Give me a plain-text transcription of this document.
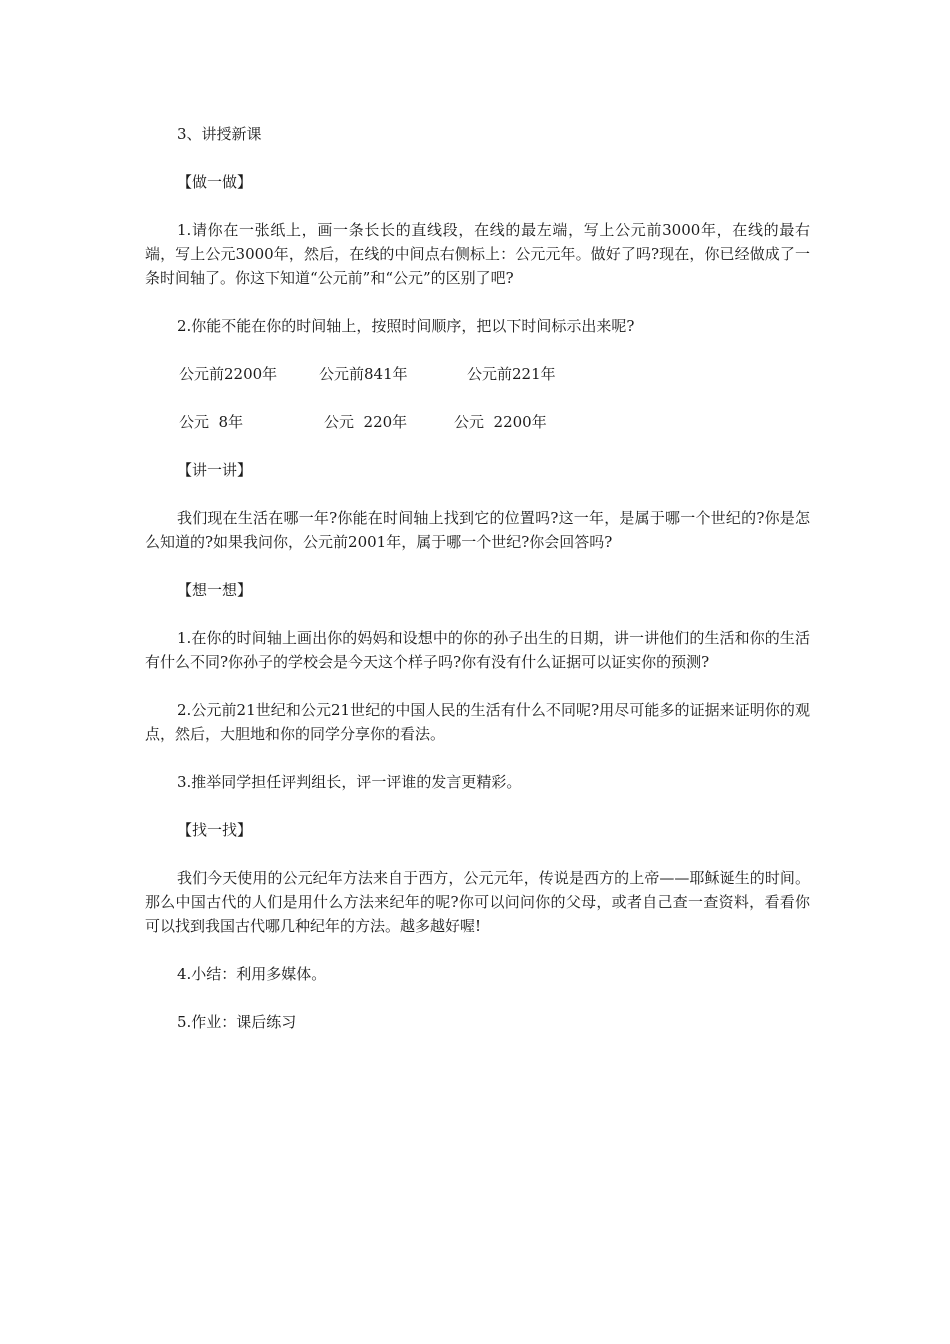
3、讲授新课

【做一做】

1.请你在一张纸上，画一条长长的直线段，在线的最左端，写上公元前3000年，在线的最右端，写上公元3000年，然后，在线的中间点右侧标上：公元元年。做好了吗?现在，你已经做成了一条时间轴了。你这下知道“公元前”和“公元”的区别了吧?

2.你能不能在你的时间轴上，按照时间顺序，把以下时间标示出来呢?

公元前2200年	公元前841年	公元前221年
公元  8年	公元  220年	公元  2200年

【讲一讲】

我们现在生活在哪一年?你能在时间轴上找到它的位置吗?这一年，是属于哪一个世纪的?你是怎么知道的?如果我问你，公元前2001年，属于哪一个世纪?你会回答吗?

【想一想】

1.在你的时间轴上画出你的妈妈和设想中的你的孙子出生的日期，讲一讲他们的生活和你的生活有什么不同?你孙子的学校会是今天这个样子吗?你有没有什么证据可以证实你的预测?

2.公元前21世纪和公元21世纪的中国人民的生活有什么不同呢?用尽可能多的证据来证明你的观点，然后，大胆地和你的同学分享你的看法。

3.推举同学担任评判组长，评一评谁的发言更精彩。

【找一找】

我们今天使用的公元纪年方法来自于西方，公元元年，传说是西方的上帝——耶稣诞生的时间。那么中国古代的人们是用什么方法来纪年的呢?你可以问问你的父母，或者自己查一查资料，看看你可以找到我国古代哪几种纪年的方法。越多越好喔!

4.小结：利用多媒体。

5.作业：课后练习
